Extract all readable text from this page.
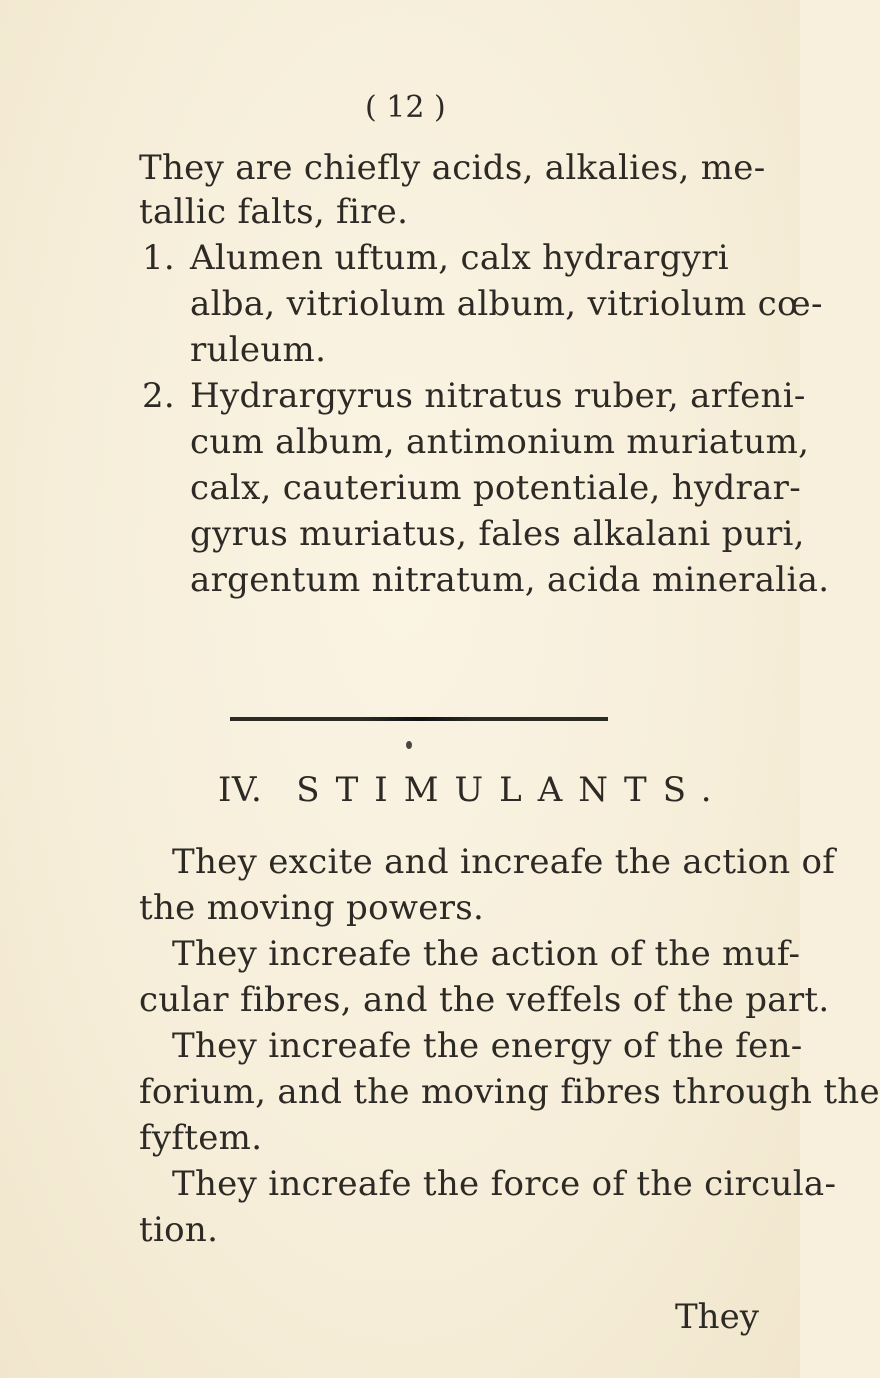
( 12 )
They are chiefly acids, alkalies, me-
tallic falts, fire.
1. Alumen uftum, calx hydrargyri
alba, vitriolum album, vitriolum cœ-
ruleum.
2. Hydrargyrus nitratus ruber, arfeni-
cum album, antimonium muriatum,
calx, cauterium potentiale, hydrar-
gyrus muriatus, fales alkalani puri,
argentum nitratum, acida mineralia.
IV. STIMULANTS.
They excite and increafe the action of
the moving powers.
They increafe the action of the muf-
cular fibres, and the veffels of the part.
They increafe the energy of the fen-
forium, and the moving fibres through the
fyftem.
They increafe the force of the circula-
tion.
They
